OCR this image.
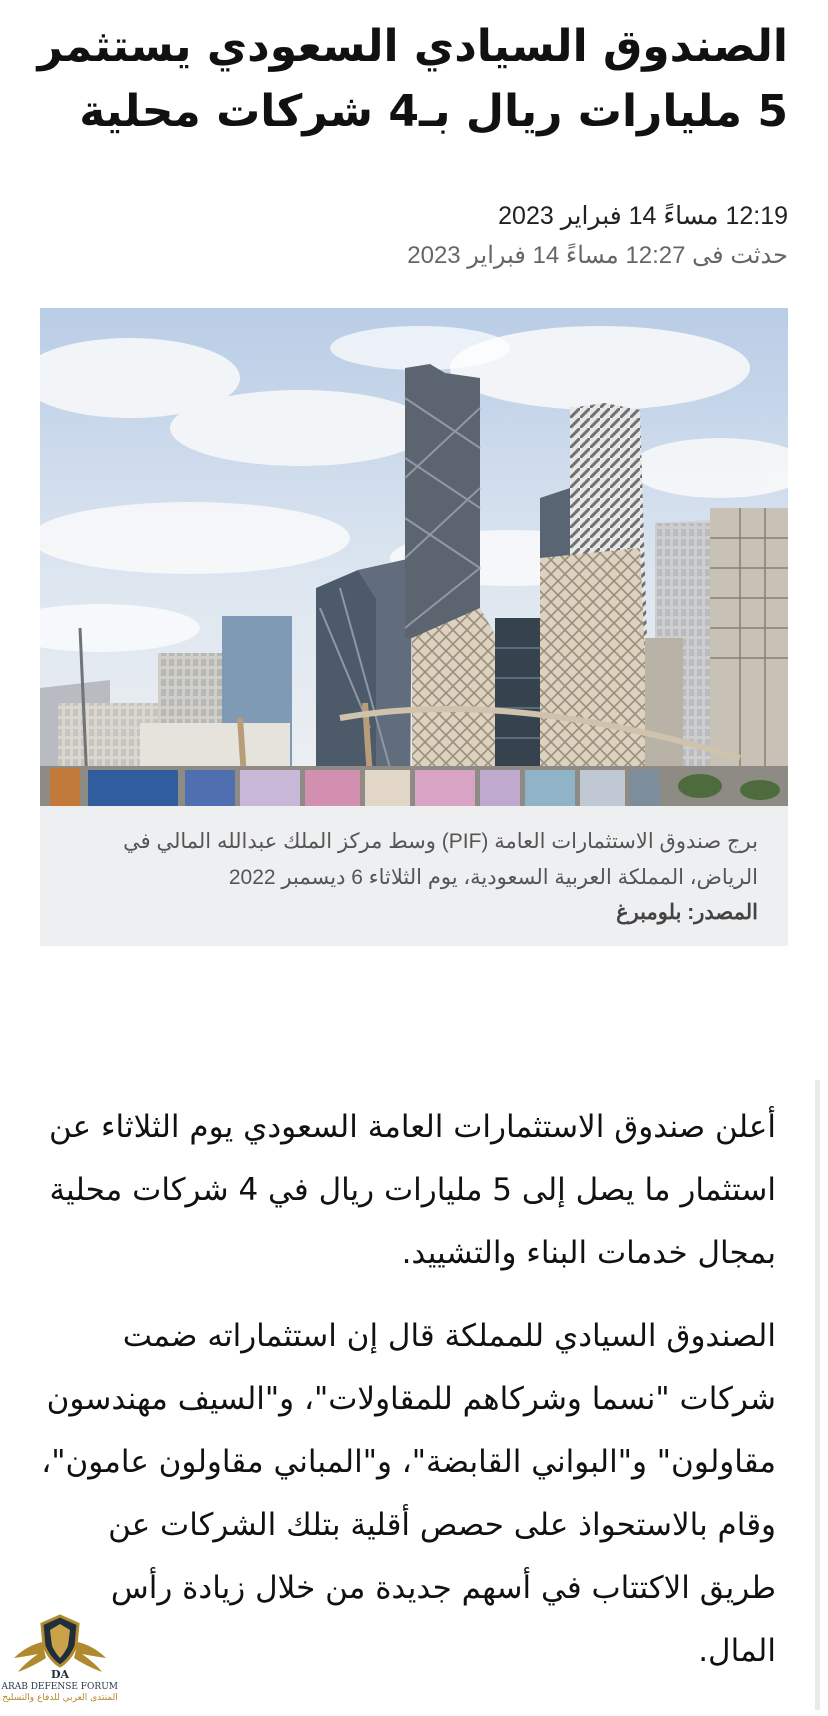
الصندوق السيادي السعودي يستثمر 5 مليارات ريال بـ4 شركات محلية
12:19 مساءً 14 فبراير 2023
حدثت فى 12:27 مساءً 14 فبراير 2023
برج صندوق الاستثمارات العامة (PIF) وسط مركز الملك عبدالله المالي في الرياض، المملكة العربية السعودية، يوم الثلاثاء 6 ديسمبر 2022
المصدر: بلومبرغ

أعلن صندوق الاستثمارات العامة السعودي يوم الثلاثاء عن استثمار ما يصل إلى 5 مليارات ريال في 4 شركات محلية بمجال خدمات البناء والتشييد.

الصندوق السيادي للمملكة قال إن استثماراته ضمت شركات "نسما وشركاهم للمقاولات"، و"السيف مهندسون مقاولون" و"البواني القابضة"، و"المباني مقاولون عامون"، وقام بالاستحواذ على حصص أقلية بتلك الشركات عن طريق الاكتتاب في أسهم جديدة من خلال زيادة رأس المال.

DA
ARAB DEFENSE FORUM
المنتدى العربي للدفاع والتسليح
